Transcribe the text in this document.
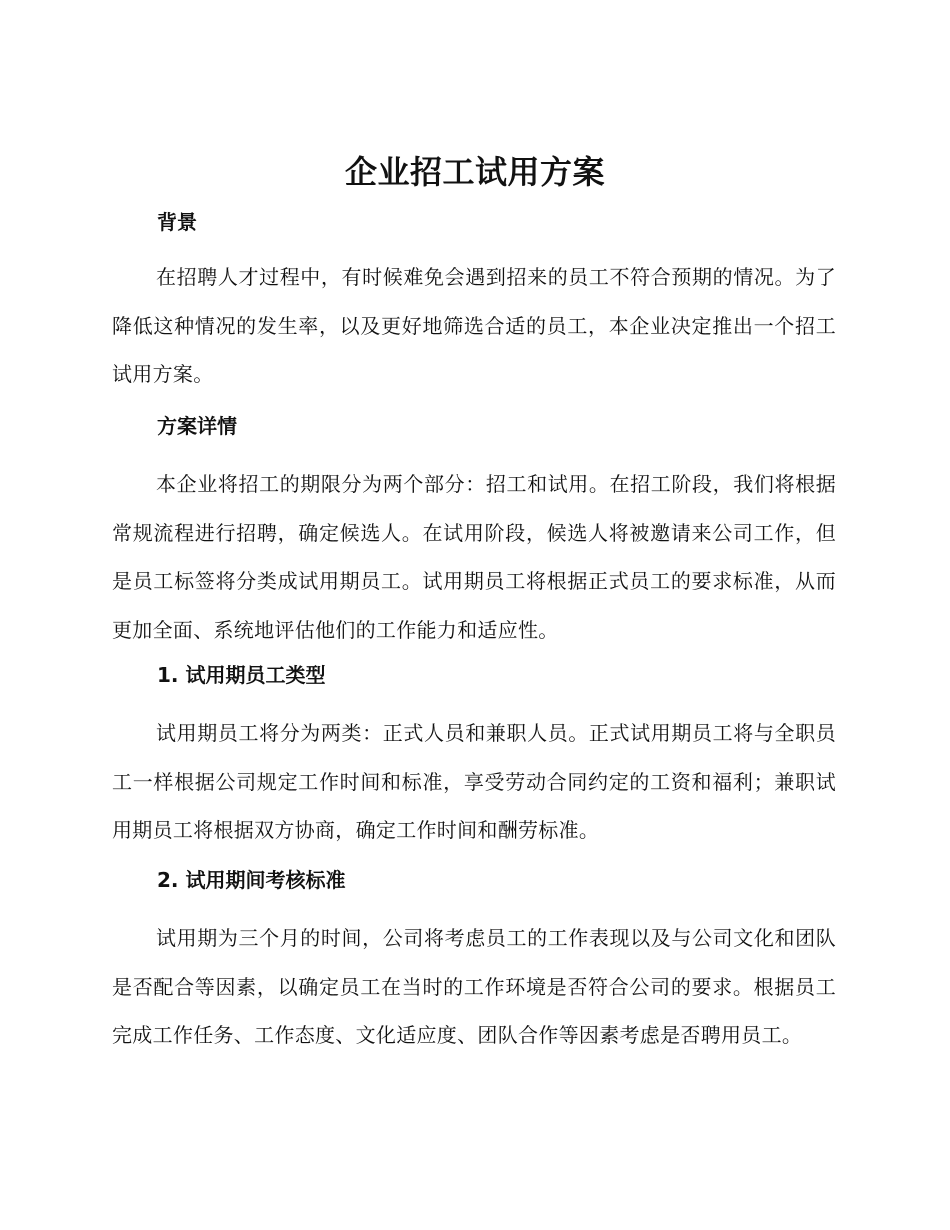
企业招工试用方案
背景
在招聘人才过程中，有时候难免会遇到招来的员工不符合预期的情况。为了降低这种情况的发生率，以及更好地筛选合适的员工，本企业决定推出一个招工试用方案。
方案详情
本企业将招工的期限分为两个部分：招工和试用。在招工阶段，我们将根据常规流程进行招聘，确定候选人。在试用阶段，候选人将被邀请来公司工作，但是员工标签将分类成试用期员工。试用期员工将根据正式员工的要求标准，从而更加全面、系统地评估他们的工作能力和适应性。
1. 试用期员工类型
试用期员工将分为两类：正式人员和兼职人员。正式试用期员工将与全职员工一样根据公司规定工作时间和标准，享受劳动合同约定的工资和福利；兼职试用期员工将根据双方协商，确定工作时间和酬劳标准。
2. 试用期间考核标准
试用期为三个月的时间，公司将考虑员工的工作表现以及与公司文化和团队是否配合等因素，以确定员工在当时的工作环境是否符合公司的要求。根据员工完成工作任务、工作态度、文化适应度、团队合作等因素考虑是否聘用员工。
